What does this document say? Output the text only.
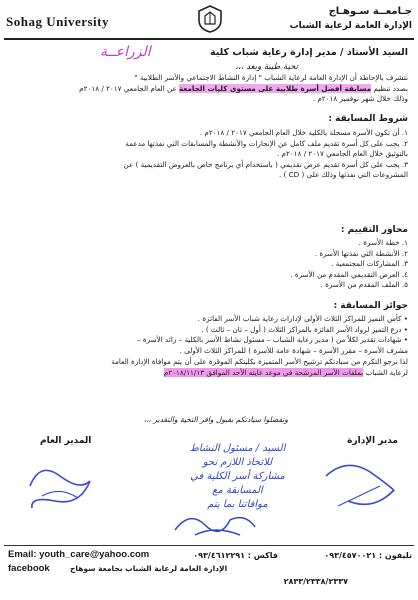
Sohag University
جـامعــة سـوهـاج
الإدارة العامة لرعاية الشباب
السيد الأستاذ / مدير إدارة رعاية شباب كلية
الزراعــة
تحية طيبة وبعد ،،،
نتشرف بالإحاطة أن الإدارة العامة لرعاية الشباب " إدارة النشاط الاجتماعي والأسر الطلابية "
بصدد تنظيم مسابقة أفضل أسرة طلابية على مستوى كليات الجامعة عن العام الجامعي ٢٠١٧ / ٢٠١٨م
وذلك خلال شهر نوفمبر ٢٠١٨م .
شروط المسابقة :
١. أن تكون الأسرة مسجلة بالكلية خلال العام الجامعي ٢٠١٧ / ٢٠١٨م .
٢. يجب على كل أسرة تقديم ملف كامل عن الإنجازات والأنشطة والمسابقات التي نفذتها مدعمة
بالتوثيق خلال العام الجامعي ٢٠١٧ / ٢٠١٨م .
٣. يجب على كل أسرة تقديم عرض تقديمي ( باستخدام أي برنامج خاص بالعروض التقديمية ) عن
المشروعات التي نفذتها وذلك على ( CD ) .
محاور التقييم :
١. خطة الأسرة .
٢. الأنشطة التي نفذتها الأسرة .
٣. المشاركات المجتمعية .
٤. العرض التقديمي المقدم من الأسرة .
٥. الملف المقدم من الأسرة .
جوائز المسابقة :
• كأس التميز للمراكز الثلاث الأولى لإدارات رعاية شباب الأسر الفائزة .
• درع التميز لرواد الأسر الفائزة بالمراكز الثلاث ( أول – ثان – ثالث ) .
• شهادات تقدير لكلاً من ( مدير رعاية الشباب – مسئول نشاط الأسر بالكلية – رائد الأسرة –
مشرف الأسرة – مقرر الأسرة – شهادة عامة للأسرة ) للمراكز الثلاث الأولى .
لذا نرجو التكرم من سيادتكم ترشيح الأسر المتميزة بكليتكم الموقرة على أن يتم موافاة الإدارة العامة
لرعاية الشباب بملفات الأسر المرشحة في موعد غايته الأحد الموافق ٢٠١٨/١١/١٣م
وتفضلوا سيادتكم بقبول وافر التحية والتقدير ،،،
المدير العام	مدير الإدارة
السيد / مسئول النشاط
للاتخاذ اللازم نحو
مشاركة أسر الكلية في
المسابقة مع
موافاتنا بما يتم
Email: youth_care@yahoo.com
facebook	الإدارة العامة لرعاية الشباب بجامعة سوهاج
تليفون : ٠٩٣/٤٥٧٠٠٢١
فاكس : ٠٩٣/٤٦١٢٢٩١
٢٨٣٣/٢٣٣٨/٢٣٣٧
